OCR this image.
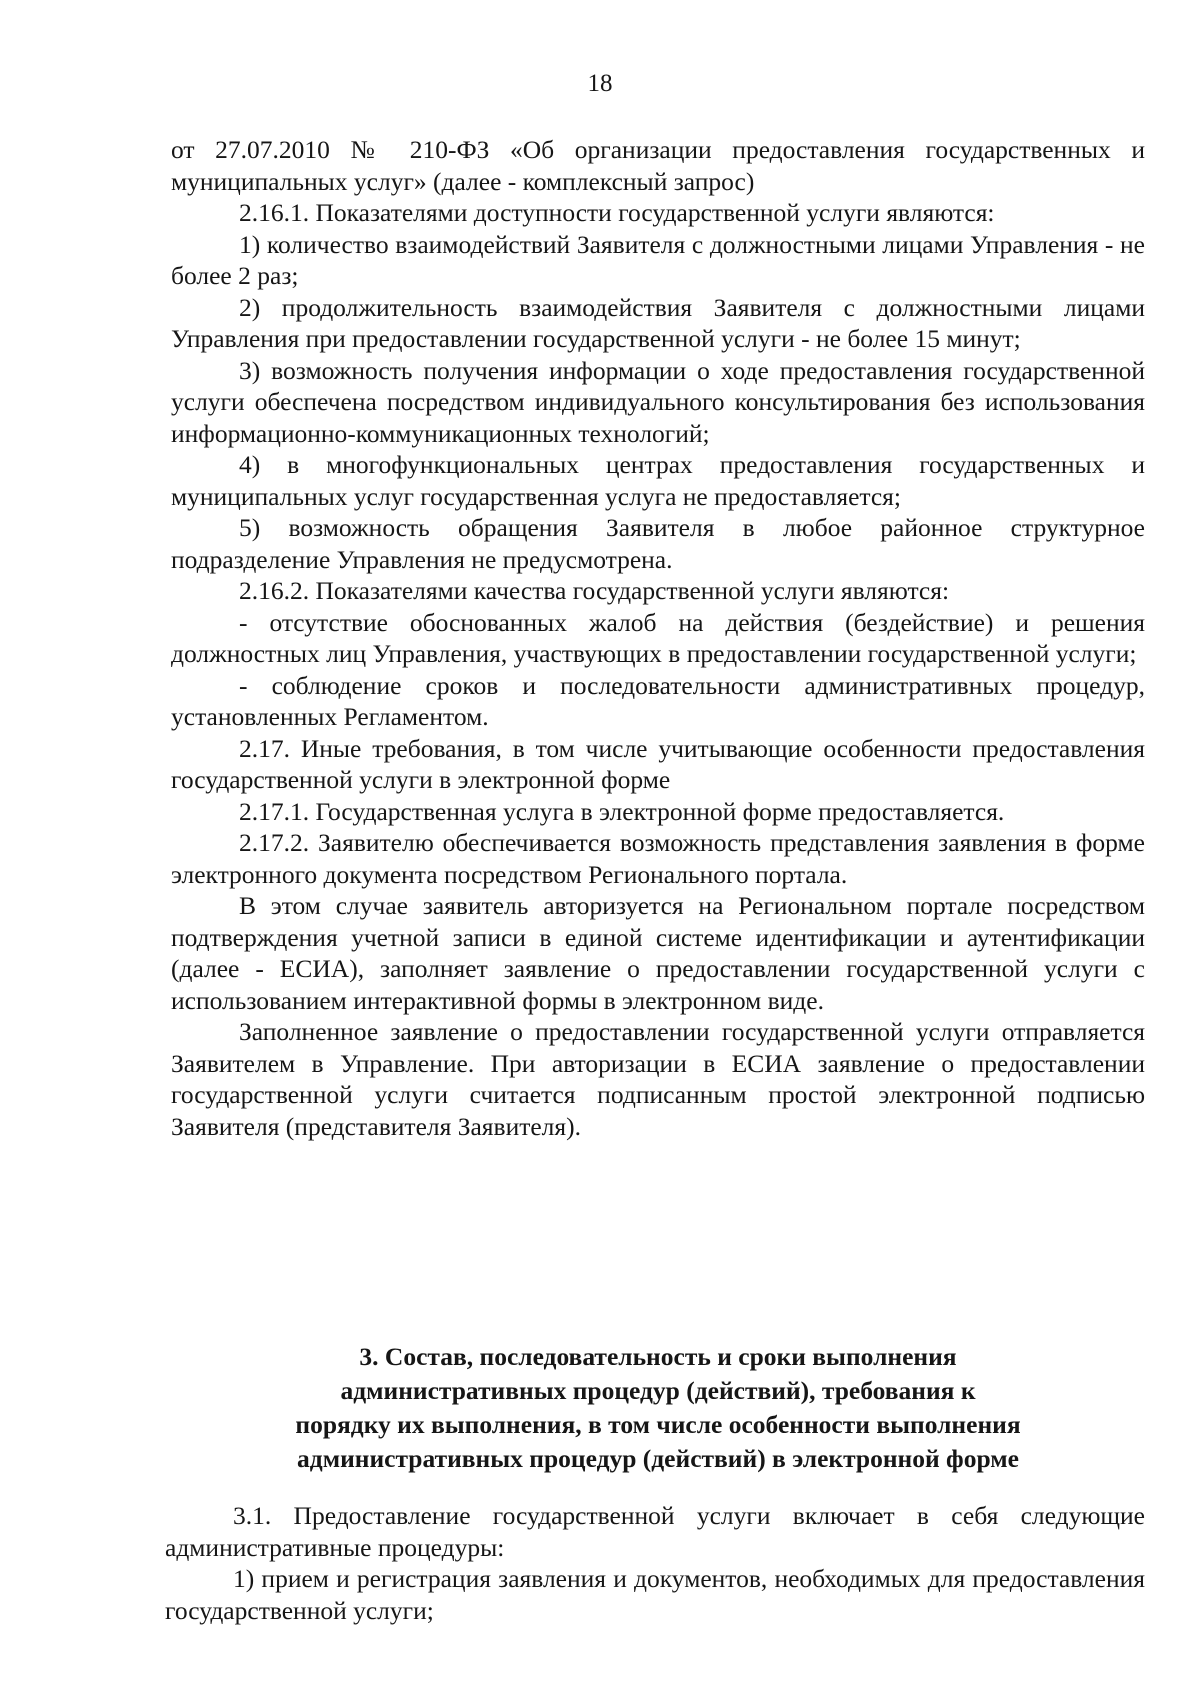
18

от 27.07.2010 № 210-ФЗ «Об организации предоставления государственных и муниципальных услуг» (далее - комплексный запрос)

2.16.1. Показателями доступности государственной услуги являются:

1) количество взаимодействий Заявителя с должностными лицами Управления - не более 2 раз;

2) продолжительность взаимодействия Заявителя с должностными лицами Управления при предоставлении государственной услуги - не более 15 минут;

3) возможность получения информации о ходе предоставления государственной услуги обеспечена посредством индивидуального консультирования без использования информационно-коммуникационных технологий;

4) в многофункциональных центрах предоставления государственных и муниципальных услуг государственная услуга не предоставляется;

5) возможность обращения Заявителя в любое районное структурное подразделение Управления не предусмотрена.

2.16.2. Показателями качества государственной услуги являются:

- отсутствие обоснованных жалоб на действия (бездействие) и решения должностных лиц Управления, участвующих в предоставлении государственной услуги;

- соблюдение сроков и последовательности административных процедур, установленных Регламентом.

2.17. Иные требования, в том числе учитывающие особенности предоставления государственной услуги в электронной форме

2.17.1. Государственная услуга в электронной форме предоставляется.

2.17.2. Заявителю обеспечивается возможность представления заявления в форме электронного документа посредством Регионального портала.

В этом случае заявитель авторизуется на Региональном портале посредством подтверждения учетной записи в единой системе идентификации и аутентификации (далее - ЕСИА), заполняет заявление о предоставлении государственной услуги с использованием интерактивной формы в электронном виде.

Заполненное заявление о предоставлении государственной услуги отправляется Заявителем в Управление. При авторизации в ЕСИА заявление о предоставлении государственной услуги считается подписанным простой электронной подписью Заявителя (представителя Заявителя).

3. Состав, последовательность и сроки выполнения
административных процедур (действий), требования к
порядку их выполнения, в том числе особенности выполнения
административных процедур (действий) в электронной форме

3.1. Предоставление государственной услуги включает в себя следующие административные процедуры:

1) прием и регистрация заявления и документов, необходимых для предоставления государственной услуги;
